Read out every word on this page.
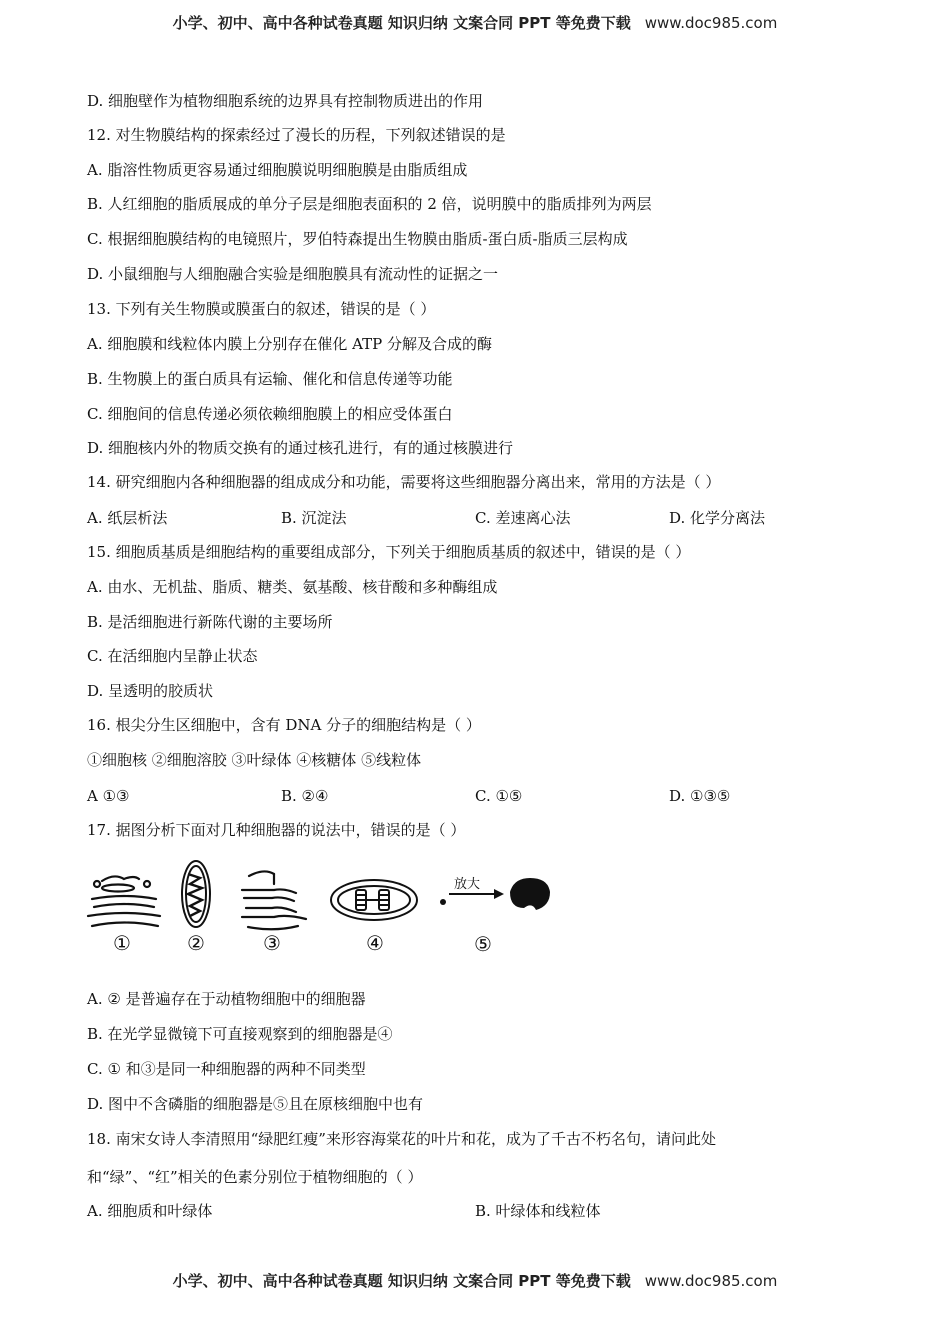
小学、初中、高中各种试卷真题 知识归纳 文案合同 PPT 等免费下载 www.doc985.com
D. 细胞壁作为植物细胞系统的边界具有控制物质进出的作用
12. 对生物膜结构的探索经过了漫长的历程，下列叙述错误的是
A. 脂溶性物质更容易通过细胞膜说明细胞膜是由脂质组成
B. 人红细胞的脂质展成的单分子层是细胞表面积的 2 倍，说明膜中的脂质排列为两层
C. 根据细胞膜结构的电镜照片，罗伯特森提出生物膜由脂质-蛋白质-脂质三层构成
D. 小鼠细胞与人细胞融合实验是细胞膜具有流动性的证据之一
13. 下列有关生物膜或膜蛋白的叙述，错误的是（ ）
A. 细胞膜和线粒体内膜上分别存在催化 ATP 分解及合成的酶
B. 生物膜上的蛋白质具有运输、催化和信息传递等功能
C. 细胞间的信息传递必须依赖细胞膜上的相应受体蛋白
D. 细胞核内外的物质交换有的通过核孔进行，有的通过核膜进行
14. 研究细胞内各种细胞器的组成成分和功能，需要将这些细胞器分离出来，常用的方法是（ ）
A. 纸层析法	B. 沉淀法	C. 差速离心法	D. 化学分离法
15. 细胞质基质是细胞结构的重要组成部分，下列关于细胞质基质的叙述中，错误的是（ ）
A. 由水、无机盐、脂质、糖类、氨基酸、核苷酸和多种酶组成
B. 是活细胞进行新陈代谢的主要场所
C. 在活细胞内呈静止状态
D. 呈透明的胶质状
16. 根尖分生区细胞中，含有 DNA 分子的细胞结构是（ ）
①细胞核 ②细胞溶胶 ③叶绿体 ④核糖体 ⑤线粒体
A ①③	B. ②④	C. ①⑤	D. ①③⑤
17. 据图分析下面对几种细胞器的说法中，错误的是（ ）
放大
①	②	③	④	⑤
A. ② 是普遍存在于动植物细胞中的细胞器
B. 在光学显微镜下可直接观察到的细胞器是④
C. ① 和③是同一种细胞器的两种不同类型
D. 图中不含磷脂的细胞器是⑤且在原核细胞中也有
18. 南宋女诗人李清照用“绿肥红瘦”来形容海棠花的叶片和花，成为了千古不朽名句，请问此处
和“绿”、“红”相关的色素分别位于植物细胞的（ ）
A. 细胞质和叶绿体	B. 叶绿体和线粒体
小学、初中、高中各种试卷真题 知识归纳 文案合同 PPT 等免费下载 www.doc985.com
